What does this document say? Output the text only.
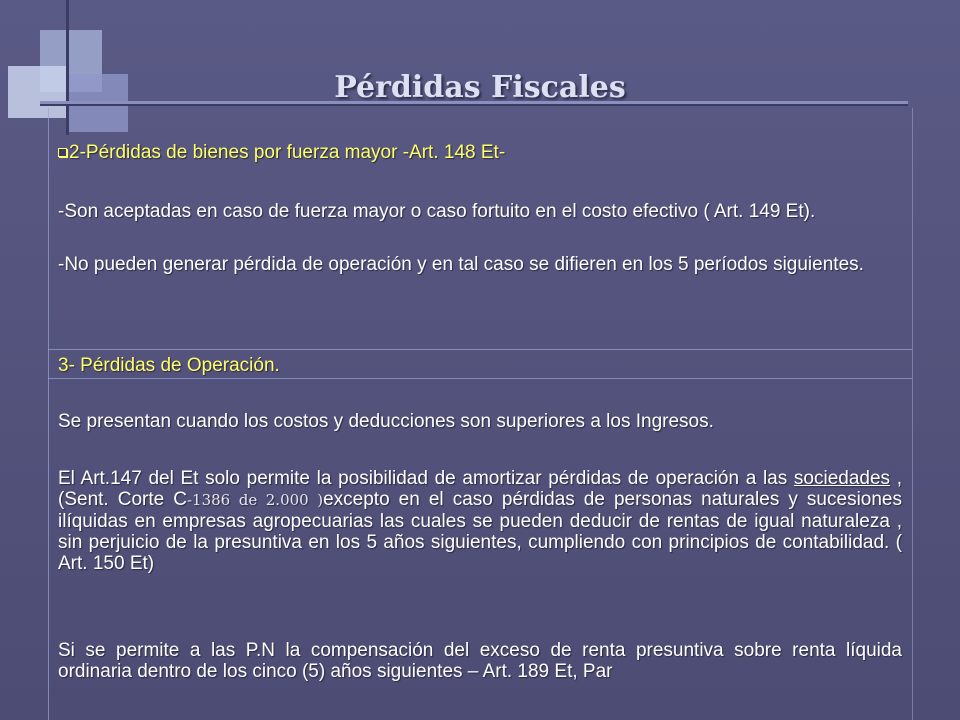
Pérdidas Fiscales
2-Pérdidas de bienes por fuerza mayor -Art. 148 Et-
-Son aceptadas en caso de fuerza mayor o caso fortuito en el costo efectivo ( Art. 149 Et).
-No pueden generar pérdida de operación y en tal caso se difieren en los 5 períodos siguientes.
3- Pérdidas de Operación.
Se presentan cuando los costos y deducciones son superiores a los Ingresos.
El Art.147 del Et solo permite la posibilidad de amortizar pérdidas de operación a las sociedades , (Sent. Corte C-1386 de 2.000 )excepto en el caso pérdidas de personas naturales y sucesiones ilíquidas en empresas agropecuarias las cuales se pueden deducir de rentas de igual naturaleza , sin perjuicio de la presuntiva en los 5 años siguientes, cumpliendo con principios de contabilidad. ( Art. 150 Et)
Si se permite a las P.N la compensación del exceso de renta presuntiva sobre renta líquida ordinaria dentro de los cinco (5) años siguientes – Art. 189 Et, Par
